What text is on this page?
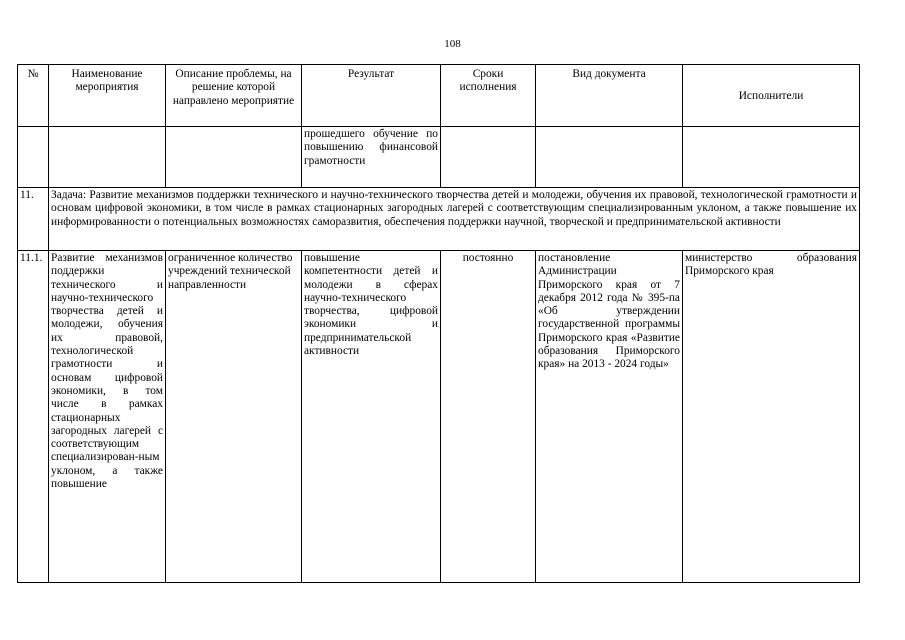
108
№	Наименование мероприятия	Описание проблемы, на решение которой направлено мероприятие	Результат	Сроки исполнения	Вид документа	Исполнители
			прошедшего обучение по повышению финансовой грамотности			
11.	Задача: Развитие механизмов поддержки технического и научно-технического творчества детей и молодежи, обучения их правовой, технологической грамотности и основам цифровой экономики, в том числе в рамках стационарных загородных лагерей с соответствующим специализированным уклоном, а также повышение их информированности о потенциальных возможностях саморазвития, обеспечения поддержки научной, творческой и предпринимательской активности					
11.1.	Развитие механизмов поддержки технического и научно-технического творчества детей и молодежи, обучения их правовой, технологической грамотности и основам цифровой экономики, в том числе в рамках стационарных загородных лагерей с соответствующим специализирован-ным уклоном, а также повышение	ограниченное количество учреждений технической направленности	повышение компетентности детей и молодежи в сферах научно-технического творчества, цифровой экономики и предпринимательской активности	постоянно	постановление Администрации Приморского края от 7 декабря 2012 года № 395-па «Об утверждении государственной программы Приморского края «Развитие образования Приморского края» на 2013 - 2024 годы»	министерство образования Приморского края
